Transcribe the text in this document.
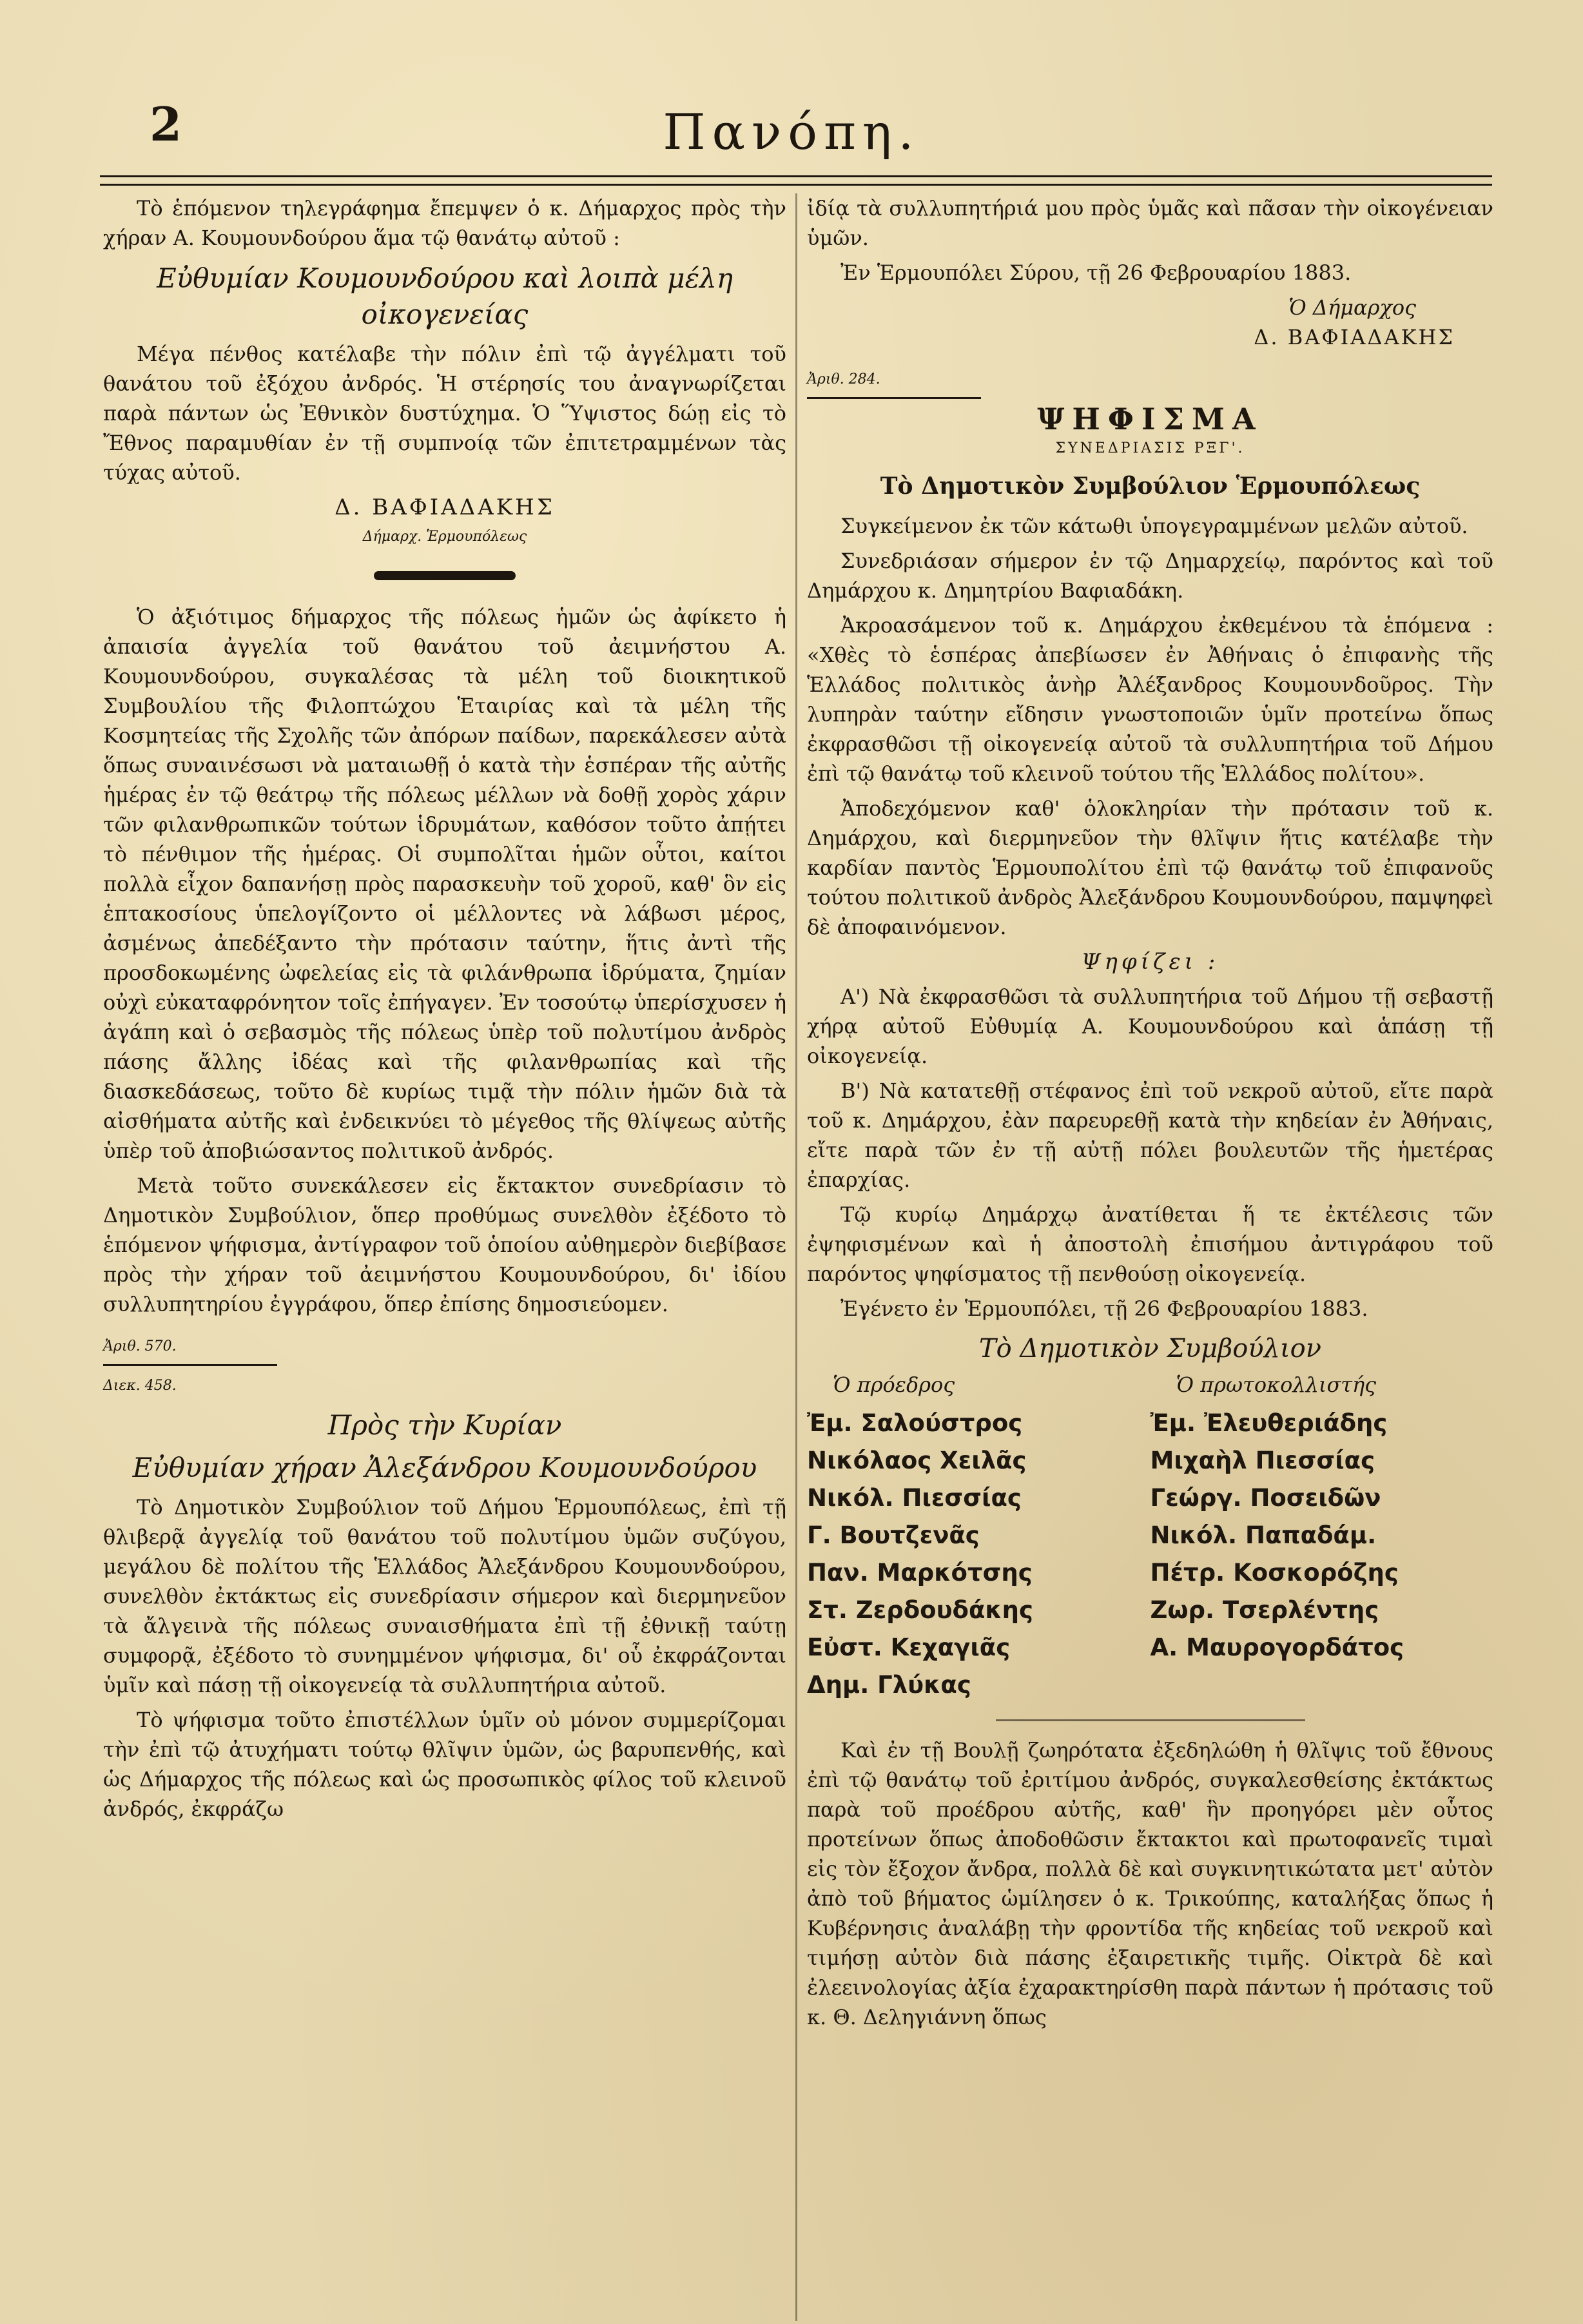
2	Πανόπη.

Τὸ ἑπόμενον τηλεγράφημα ἔπεμψεν ὁ κ. Δήμαρχος πρὸς τὴν χήραν Α. Κουμουνδούρου ἅμα τῷ θανάτῳ αὐτοῦ :

Εὐθυμίαν Κουμουνδούρου καὶ λοιπὰ μέλη οἰκογενείας

Μέγα πένθος κατέλαβε τὴν πόλιν ἐπὶ τῷ ἀγγέλματι τοῦ θανάτου τοῦ ἐξόχου ἀνδρός. Ἡ στέρησίς του ἀναγνωρίζεται παρὰ πάντων ὡς Ἐθνικὸν δυστύχημα. Ὁ Ὕψιστος δώῃ εἰς τὸ Ἔθνος παραμυθίαν ἐν τῇ συμπνοίᾳ τῶν ἐπιτετραμμένων τὰς τύχας αὐτοῦ.

Δ. ΒΑΦΙΑΔΑΚΗΣ
Δήμαρχ. Ἑρμουπόλεως

Ὁ ἀξιότιμος δήμαρχος τῆς πόλεως ἡμῶν ὡς ἀφίκετο ἡ ἀπαισία ἀγγελία τοῦ θανάτου τοῦ ἀειμνήστου Α. Κουμουνδούρου, συγκαλέσας τὰ μέλη τοῦ διοικητικοῦ Συμβουλίου τῆς Φιλοπτώχου Ἑταιρίας καὶ τὰ μέλη τῆς Κοσμητείας τῆς Σχολῆς τῶν ἀπόρων παίδων, παρεκάλεσεν αὐτὰ ὅπως συναινέσωσι νὰ ματαιωθῇ ὁ κατὰ τὴν ἑσπέραν τῆς αὐτῆς ἡμέρας ἐν τῷ θεάτρῳ τῆς πόλεως μέλλων νὰ δοθῇ χορὸς χάριν τῶν φιλανθρωπικῶν τούτων ἱδρυμάτων, καθόσον τοῦτο ἀπῄτει τὸ πένθιμον τῆς ἡμέρας. Οἱ συμπολῖται ἡμῶν οὗτοι, καίτοι πολλὰ εἶχον δαπανήσῃ πρὸς παρασκευὴν τοῦ χοροῦ, καθ' ὃν εἰς ἑπτακοσίους ὑπελογίζοντο οἱ μέλλοντες νὰ λάβωσι μέρος, ἀσμένως ἀπεδέξαντο τὴν πρότασιν ταύτην, ἥτις ἀντὶ τῆς προσδοκωμένης ὠφελείας εἰς τὰ φιλάνθρωπα ἱδρύματα, ζημίαν οὐχὶ εὐκαταφρόνητον τοῖς ἐπήγαγεν. Ἐν τοσούτῳ ὑπερίσχυσεν ἡ ἀγάπη καὶ ὁ σεβασμὸς τῆς πόλεως ὑπὲρ τοῦ πολυτίμου ἀνδρὸς πάσης ἄλλης ἰδέας καὶ τῆς φιλανθρωπίας καὶ τῆς διασκεδάσεως, τοῦτο δὲ κυρίως τιμᾷ τὴν πόλιν ἡμῶν διὰ τὰ αἰσθήματα αὐτῆς καὶ ἐνδεικνύει τὸ μέγεθος τῆς θλίψεως αὐτῆς ὑπὲρ τοῦ ἀποβιώσαντος πολιτικοῦ ἀνδρός.

Μετὰ τοῦτο συνεκάλεσεν εἰς ἔκτακτον συνεδρίασιν τὸ Δημοτικὸν Συμβούλιον, ὅπερ προθύμως συνελθὸν ἐξέδοτο τὸ ἑπόμενον ψήφισμα, ἀντίγραφον τοῦ ὁποίου αὐθημερὸν διεβίβασε πρὸς τὴν χήραν τοῦ ἀειμνήστου Κουμουνδούρου, δι' ἰδίου συλλυπητηρίου ἐγγράφου, ὅπερ ἐπίσης δημοσιεύομεν.

Ἀριθ. 570.
Διεκ. 458.
Πρὸς τὴν Κυρίαν
Εὐθυμίαν χήραν Ἀλεξάνδρου Κουμουνδούρου

Τὸ Δημοτικὸν Συμβούλιον τοῦ Δήμου Ἑρμουπόλεως, ἐπὶ τῇ θλιβερᾷ ἀγγελίᾳ τοῦ θανάτου τοῦ πολυτίμου ὑμῶν συζύγου, μεγάλου δὲ πολίτου τῆς Ἑλλάδος Ἀλεξάνδρου Κουμουνδούρου, συνελθὸν ἐκτάκτως εἰς συνεδρίασιν σήμερον καὶ διερμηνεῦον τὰ ἄλγεινὰ τῆς πόλεως συναισθήματα ἐπὶ τῇ ἐθνικῇ ταύτῃ συμφορᾷ, ἐξέδοτο τὸ συνημμένον ψήφισμα, δι' οὗ ἐκφράζονται ὑμῖν καὶ πάσῃ τῇ οἰκογενείᾳ τὰ συλλυπητήρια αὐτοῦ.

Τὸ ψήφισμα τοῦτο ἐπιστέλλων ὑμῖν οὐ μόνον συμμερίζομαι τὴν ἐπὶ τῷ ἀτυχήματι τούτῳ θλῖψιν ὑμῶν, ὡς βαρυπενθής, καὶ ὡς Δήμαρχος τῆς πόλεως καὶ ὡς προσωπικὸς φίλος τοῦ κλεινοῦ ἀνδρός, ἐκφράζω

ἰδίᾳ τὰ συλλυπητήριά μου πρὸς ὑμᾶς καὶ πᾶσαν τὴν οἰκογένειαν ὑμῶν.

Ἐν Ἑρμουπόλει Σύρου, τῇ 26 Φεβρουαρίου 1883.

Ὁ Δήμαρχος
Δ. ΒΑΦΙΑΔΑΚΗΣ
Ἀριθ. 284.
ΨΗΦΙΣΜΑ
ΣΥΝΕΔΡΙΑΣΙΣ ΡΞΓ'.
Τὸ Δημοτικὸν Συμβούλιον Ἑρμουπόλεως

Συγκείμενον ἐκ τῶν κάτωθι ὑπογεγραμμένων μελῶν αὐτοῦ.

Συνεδριάσαν σήμερον ἐν τῷ Δημαρχείῳ, παρόντος καὶ τοῦ Δημάρχου κ. Δημητρίου Βαφιαδάκη.

Ἀκροασάμενον τοῦ κ. Δημάρχου ἐκθεμένου τὰ ἑπόμενα : «Χθὲς τὸ ἑσπέρας ἀπεβίωσεν ἐν Ἀθήναις ὁ ἐπιφανὴς τῆς Ἑλλάδος πολιτικὸς ἀνὴρ Ἀλέξανδρος Κουμουνδοῦρος. Τὴν λυπηρὰν ταύτην εἴδησιν γνωστοποιῶν ὑμῖν προτείνω ὅπως ἐκφρασθῶσι τῇ οἰκογενείᾳ αὐτοῦ τὰ συλλυπητήρια τοῦ Δήμου ἐπὶ τῷ θανάτῳ τοῦ κλεινοῦ τούτου τῆς Ἑλλάδος πολίτου».

Ἀποδεχόμενον καθ' ὁλοκληρίαν τὴν πρότασιν τοῦ κ. Δημάρχου, καὶ διερμηνεῦον τὴν θλῖψιν ἥτις κατέλαβε τὴν καρδίαν παντὸς Ἑρμουπολίτου ἐπὶ τῷ θανάτῳ τοῦ ἐπιφανοῦς τούτου πολιτικοῦ ἀνδρὸς Ἀλεξάνδρου Κουμουνδούρου, παμψηφεὶ δὲ ἀποφαινόμενον.

Ψηφίζει :

Α') Νὰ ἐκφρασθῶσι τὰ συλλυπητήρια τοῦ Δήμου τῇ σεβαστῇ χήρᾳ αὐτοῦ Εὐθυμίᾳ Α. Κουμουνδούρου καὶ ἁπάσῃ τῇ οἰκογενείᾳ.

Β') Νὰ κατατεθῇ στέφανος ἐπὶ τοῦ νεκροῦ αὐτοῦ, εἴτε παρὰ τοῦ κ. Δημάρχου, ἐὰν παρευρεθῇ κατὰ τὴν κηδείαν ἐν Ἀθήναις, εἴτε παρὰ τῶν ἐν τῇ αὐτῇ πόλει βουλευτῶν τῆς ἡμετέρας ἐπαρχίας.

Τῷ κυρίῳ Δημάρχῳ ἀνατίθεται ἥ τε ἐκτέλεσις τῶν ἐψηφισμένων καὶ ἡ ἀποστολὴ ἐπισήμου ἀντιγράφου τοῦ παρόντος ψηφίσματος τῇ πενθούσῃ οἰκογενείᾳ.

Ἐγένετο ἐν Ἑρμουπόλει, τῇ 26 Φεβρουαρίου 1883.

Τὸ Δημοτικὸν Συμβούλιον
Ὁ πρόεδρος
Ἐμ. Σαλούστρος
Νικόλαος Χειλᾶς
Νικόλ. Πιεσσίας
Γ. Βουτζενᾶς
Παν. Μαρκότσης
Στ. Ζερδουδάκης
Εὐστ. Κεχαγιᾶς
Δημ. Γλύκας
Ὁ πρωτοκολλιστής
Ἐμ. Ἐλευθεριάδης
Μιχαὴλ Πιεσσίας
Γεώργ. Ποσειδῶν
Νικόλ. Παπαδάμ.
Πέτρ. Κοσκορόζης
Ζωρ. Τσερλέντης
Α. Μαυρογορδάτος

Καὶ ἐν τῇ Βουλῇ ζωηρότατα ἐξεδηλώθη ἡ θλῖψις τοῦ ἔθνους ἐπὶ τῷ θανάτῳ τοῦ ἐριτίμου ἀνδρός, συγκαλεσθείσης ἐκτάκτως παρὰ τοῦ προέδρου αὐτῆς, καθ' ἣν προηγόρει μὲν οὗτος προτείνων ὅπως ἀποδοθῶσιν ἔκτακτοι καὶ πρωτοφανεῖς τιμαὶ εἰς τὸν ἔξοχον ἄνδρα, πολλὰ δὲ καὶ συγκινητικώτατα μετ' αὐτὸν ἀπὸ τοῦ βήματος ὡμίλησεν ὁ κ. Τρικούπης, καταλήξας ὅπως ἡ Κυβέρνησις ἀναλάβῃ τὴν φροντίδα τῆς κηδείας τοῦ νεκροῦ καὶ τιμήσῃ αὐτὸν διὰ πάσης ἐξαιρετικῆς τιμῆς. Οἰκτρὰ δὲ καὶ ἐλεεινολογίας ἀξία ἐχαρακτηρίσθη παρὰ πάντων ἡ πρότασις τοῦ κ. Θ. Δεληγιάννη ὅπως
